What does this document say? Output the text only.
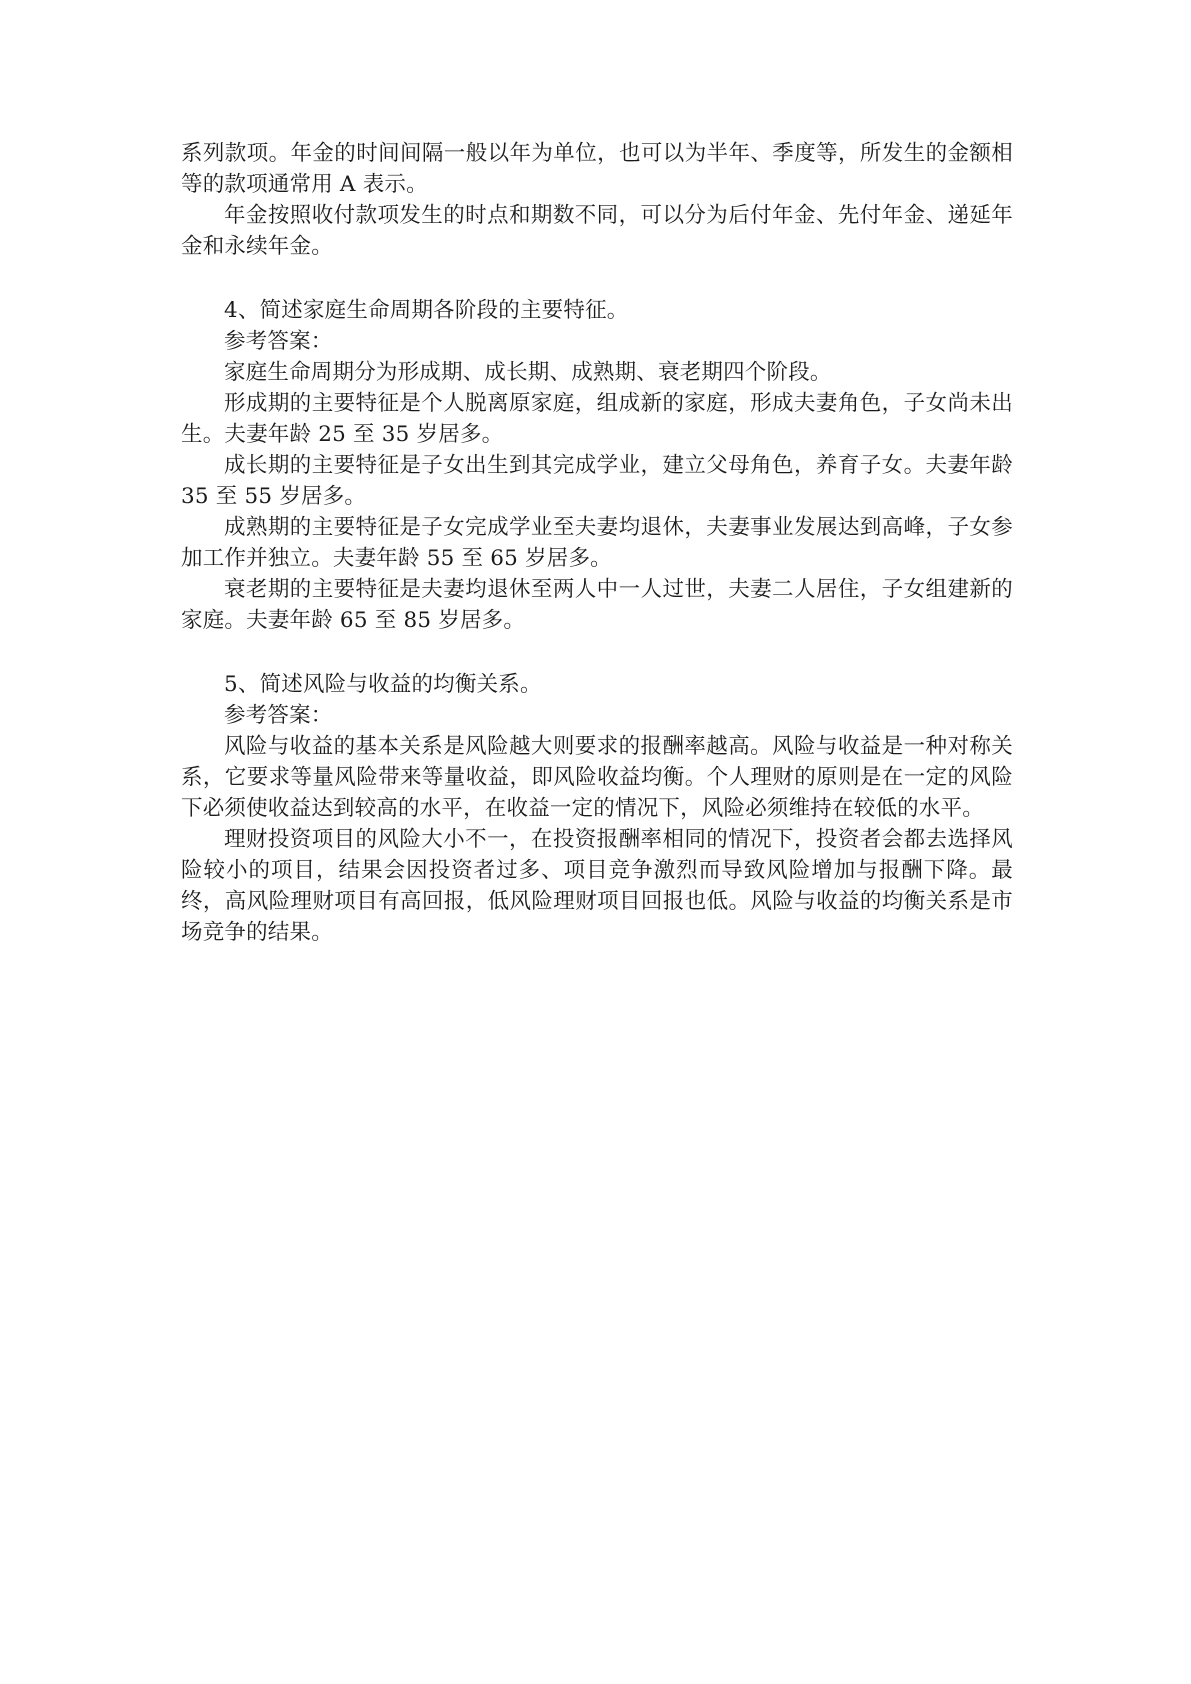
系列款项。年金的时间间隔一般以年为单位，也可以为半年、季度等，所发生的金额相等的款项通常用 A 表示。

年金按照收付款项发生的时点和期数不同，可以分为后付年金、先付年金、递延年金和永续年金。

4、简述家庭生命周期各阶段的主要特征。

参考答案：

家庭生命周期分为形成期、成长期、成熟期、衰老期四个阶段。

形成期的主要特征是个人脱离原家庭，组成新的家庭，形成夫妻角色，子女尚未出生。夫妻年龄 25 至 35 岁居多。

成长期的主要特征是子女出生到其完成学业，建立父母角色，养育子女。夫妻年龄 35 至 55 岁居多。

成熟期的主要特征是子女完成学业至夫妻均退休，夫妻事业发展达到高峰，子女参加工作并独立。夫妻年龄 55 至 65 岁居多。

衰老期的主要特征是夫妻均退休至两人中一人过世，夫妻二人居住，子女组建新的家庭。夫妻年龄 65 至 85 岁居多。

5、简述风险与收益的均衡关系。

参考答案：

风险与收益的基本关系是风险越大则要求的报酬率越高。风险与收益是一种对称关系，它要求等量风险带来等量收益，即风险收益均衡。个人理财的原则是在一定的风险下必须使收益达到较高的水平，在收益一定的情况下，风险必须维持在较低的水平。

理财投资项目的风险大小不一，在投资报酬率相同的情况下，投资者会都去选择风险较小的项目，结果会因投资者过多、项目竞争激烈而导致风险增加与报酬下降。最终，高风险理财项目有高回报，低风险理财项目回报也低。风险与收益的均衡关系是市场竞争的结果。
